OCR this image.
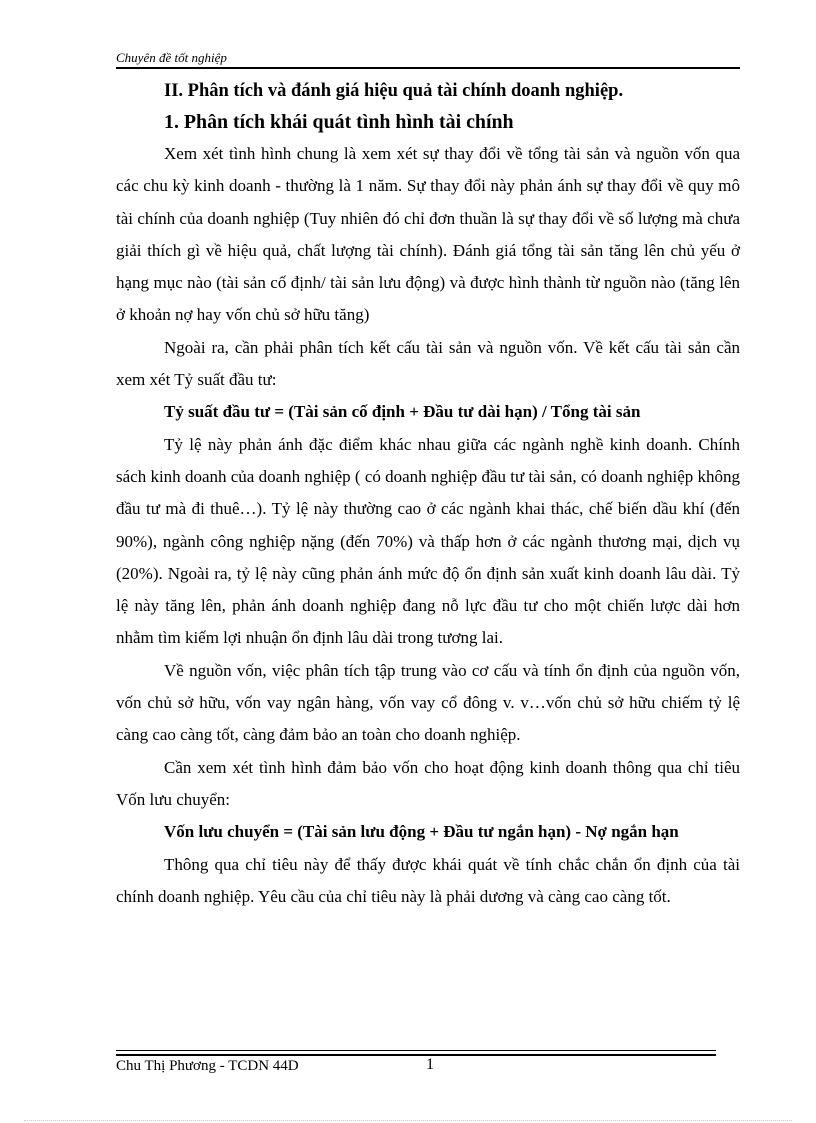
Chuyên đề tốt nghiệp
II. Phân tích và đánh giá hiệu quả tài chính doanh nghiệp.
1. Phân tích khái quát tình hình tài chính

Xem xét tình hình chung là xem xét sự thay đổi về tổng tài sản và nguồn vốn qua các chu kỳ kinh doanh - thường là 1 năm. Sự thay đổi này phản ánh sự thay đổi về quy mô tài chính của doanh nghiệp (Tuy nhiên đó chỉ đơn thuần là sự thay đổi về số lượng mà chưa giải thích gì về hiệu quả, chất lượng tài chính). Đánh giá tổng tài sản tăng lên chủ yếu ở hạng mục nào (tài sản cố định/ tài sản lưu động) và được hình thành từ nguồn nào (tăng lên ở khoản nợ hay vốn chủ sở hữu tăng)

Ngoài ra, cần phải phân tích kết cấu tài sản và nguồn vốn. Về kết cấu tài sản cần xem xét Tỷ suất đầu tư:

Tỷ suất đầu tư = (Tài sản cố định + Đầu tư dài hạn) / Tổng tài sản

Tỷ lệ này phản ánh đặc điểm khác nhau giữa các ngành nghề kinh doanh. Chính sách kinh doanh của doanh nghiệp ( có doanh nghiệp đầu tư tài sản, có doanh nghiệp không đầu tư mà đi thuê…). Tỷ lệ này thường cao ở các ngành khai thác, chế biến dầu khí (đến 90%), ngành công nghiệp nặng (đến 70%) và thấp hơn ở các ngành thương mại, dịch vụ (20%). Ngoài ra, tỷ lệ này cũng phản ánh mức độ ổn định sản xuất kinh doanh lâu dài. Tỷ lệ này tăng lên, phản ánh doanh nghiệp đang nỗ lực đầu tư cho một chiến lược dài hơn nhằm tìm kiếm lợi nhuận ổn định lâu dài trong tương lai.

Về nguồn vốn, việc phân tích tập trung vào cơ cấu và tính ổn định của nguồn vốn, vốn chủ sở hữu, vốn vay ngân hàng, vốn vay cổ đông v. v…vốn chủ sở hữu chiếm tỷ lệ càng cao càng tốt, càng đảm bảo an toàn cho doanh nghiệp.

Cần xem xét tình hình đảm bảo vốn cho hoạt động kinh doanh thông qua chỉ tiêu Vốn lưu chuyển:

Vốn lưu chuyển = (Tài sản lưu động + Đầu tư ngắn hạn) - Nợ ngắn hạn

Thông qua chỉ tiêu này để thấy được khái quát về tính chắc chắn ổn định của tài chính doanh nghiệp. Yêu cầu của chỉ tiêu này là phải dương và càng cao càng tốt.

Chu Thị Phương - TCDN 44D	1
